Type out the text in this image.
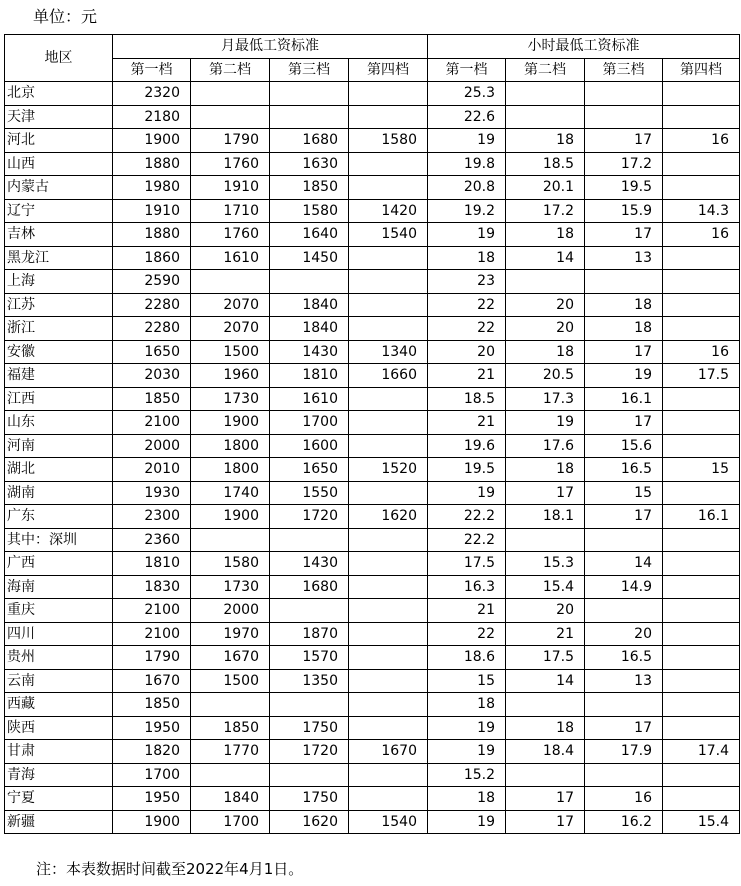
单位：元
地区	月最低工资标准				小时最低工资标准			
	第一档	第二档	第三档	第四档	第一档	第二档	第三档	第四档
北京	2320				25.3			
天津	2180				22.6			
河北	1900	1790	1680	1580	19	18	17	16
山西	1880	1760	1630		19.8	18.5	17.2	
内蒙古	1980	1910	1850		20.8	20.1	19.5	
辽宁	1910	1710	1580	1420	19.2	17.2	15.9	14.3
吉林	1880	1760	1640	1540	19	18	17	16
黑龙江	1860	1610	1450		18	14	13	
上海	2590				23			
江苏	2280	2070	1840		22	20	18	
浙江	2280	2070	1840		22	20	18	
安徽	1650	1500	1430	1340	20	18	17	16
福建	2030	1960	1810	1660	21	20.5	19	17.5
江西	1850	1730	1610		18.5	17.3	16.1	
山东	2100	1900	1700		21	19	17	
河南	2000	1800	1600		19.6	17.6	15.6	
湖北	2010	1800	1650	1520	19.5	18	16.5	15
湖南	1930	1740	1550		19	17	15	
广东	2300	1900	1720	1620	22.2	18.1	17	16.1
其中：深圳	2360				22.2			
广西	1810	1580	1430		17.5	15.3	14	
海南	1830	1730	1680		16.3	15.4	14.9	
重庆	2100	2000			21	20		
四川	2100	1970	1870		22	21	20	
贵州	1790	1670	1570		18.6	17.5	16.5	
云南	1670	1500	1350		15	14	13	
西藏	1850				18			
陕西	1950	1850	1750		19	18	17	
甘肃	1820	1770	1720	1670	19	18.4	17.9	17.4
青海	1700				15.2			
宁夏	1950	1840	1750		18	17	16	
新疆	1900	1700	1620	1540	19	17	16.2	15.4
注：本表数据时间截至2022年4月1日。
